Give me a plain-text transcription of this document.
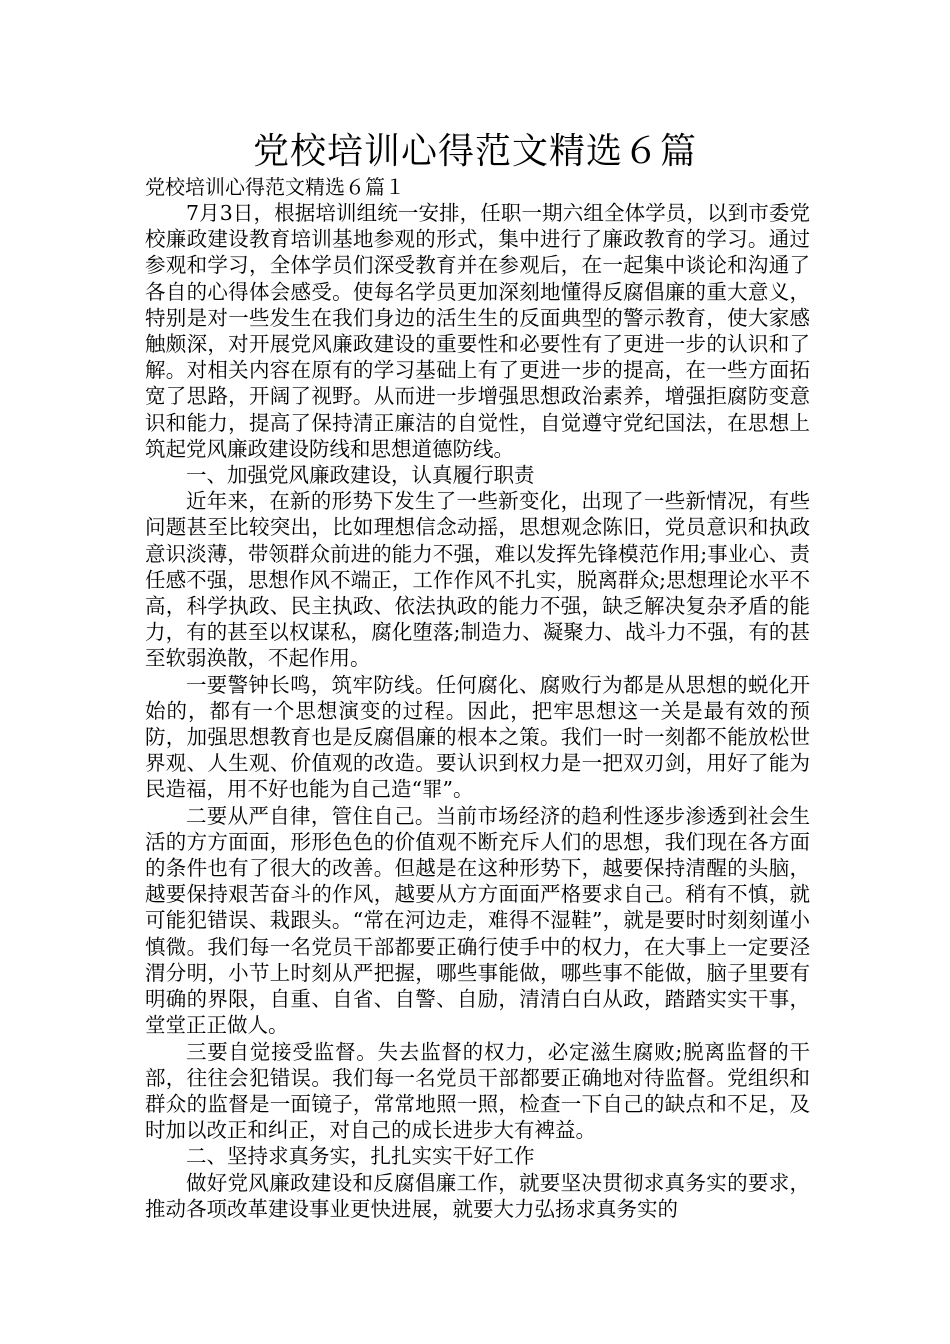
党校培训心得范文精选６篇

党校培训心得范文精选６篇１

7月3日，根据培训组统一安排，任职一期六组全体学员，以到市委党校廉政建设教育培训基地参观的形式，集中进行了廉政教育的学习。通过参观和学习，全体学员们深受教育并在参观后，在一起集中谈论和沟通了各自的心得体会感受。使每名学员更加深刻地懂得反腐倡廉的重大意义，特别是对一些发生在我们身边的活生生的反面典型的警示教育，使大家感触颇深，对开展党风廉政建设的重要性和必要性有了更进一步的认识和了解。对相关内容在原有的学习基础上有了更进一步的提高，在一些方面拓宽了思路，开阔了视野。从而进一步增强思想政治素养，增强拒腐防变意识和能力，提高了保持清正廉洁的自觉性，自觉遵守党纪国法，在思想上筑起党风廉政建设防线和思想道德防线。

一、加强党风廉政建设，认真履行职责

近年来，在新的形势下发生了一些新变化，出现了一些新情况，有些问题甚至比较突出，比如理想信念动摇，思想观念陈旧，党员意识和执政意识淡薄，带领群众前进的能力不强，难以发挥先锋模范作用;事业心、责任感不强，思想作风不端正，工作作风不扎实，脱离群众;思想理论水平不高，科学执政、民主执政、依法执政的能力不强，缺乏解决复杂矛盾的能力，有的甚至以权谋私，腐化堕落;制造力、凝聚力、战斗力不强，有的甚至软弱涣散，不起作用。

一要警钟长鸣，筑牢防线。任何腐化、腐败行为都是从思想的蜕化开始的，都有一个思想演变的过程。因此，把牢思想这一关是最有效的预防，加强思想教育也是反腐倡廉的根本之策。我们一时一刻都不能放松世界观、人生观、价值观的改造。要认识到权力是一把双刃剑，用好了能为民造福，用不好也能为自己造“罪”。

二要从严自律，管住自己。当前市场经济的趋利性逐步渗透到社会生活的方方面面，形形色色的价值观不断充斥人们的思想，我们现在各方面的条件也有了很大的改善。但越是在这种形势下，越要保持清醒的头脑，越要保持艰苦奋斗的作风，越要从方方面面严格要求自己。稍有不慎，就可能犯错误、栽跟头。“常在河边走，难得不湿鞋”，就是要时时刻刻谨小慎微。我们每一名党员干部都要正确行使手中的权力，在大事上一定要泾渭分明，小节上时刻从严把握，哪些事能做，哪些事不能做，脑子里要有明确的界限，自重、自省、自警、自励，清清白白从政，踏踏实实干事，堂堂正正做人。

三要自觉接受监督。失去监督的权力，必定滋生腐败;脱离监督的干部，往往会犯错误。我们每一名党员干部都要正确地对待监督。党组织和群众的监督是一面镜子，常常地照一照，检查一下自己的缺点和不足，及时加以改正和纠正，对自己的成长进步大有裨益。

二、坚持求真务实，扎扎实实干好工作

做好党风廉政建设和反腐倡廉工作，就要坚决贯彻求真务实的要求，推动各项改革建设事业更快进展，就要大力弘扬求真务实的
